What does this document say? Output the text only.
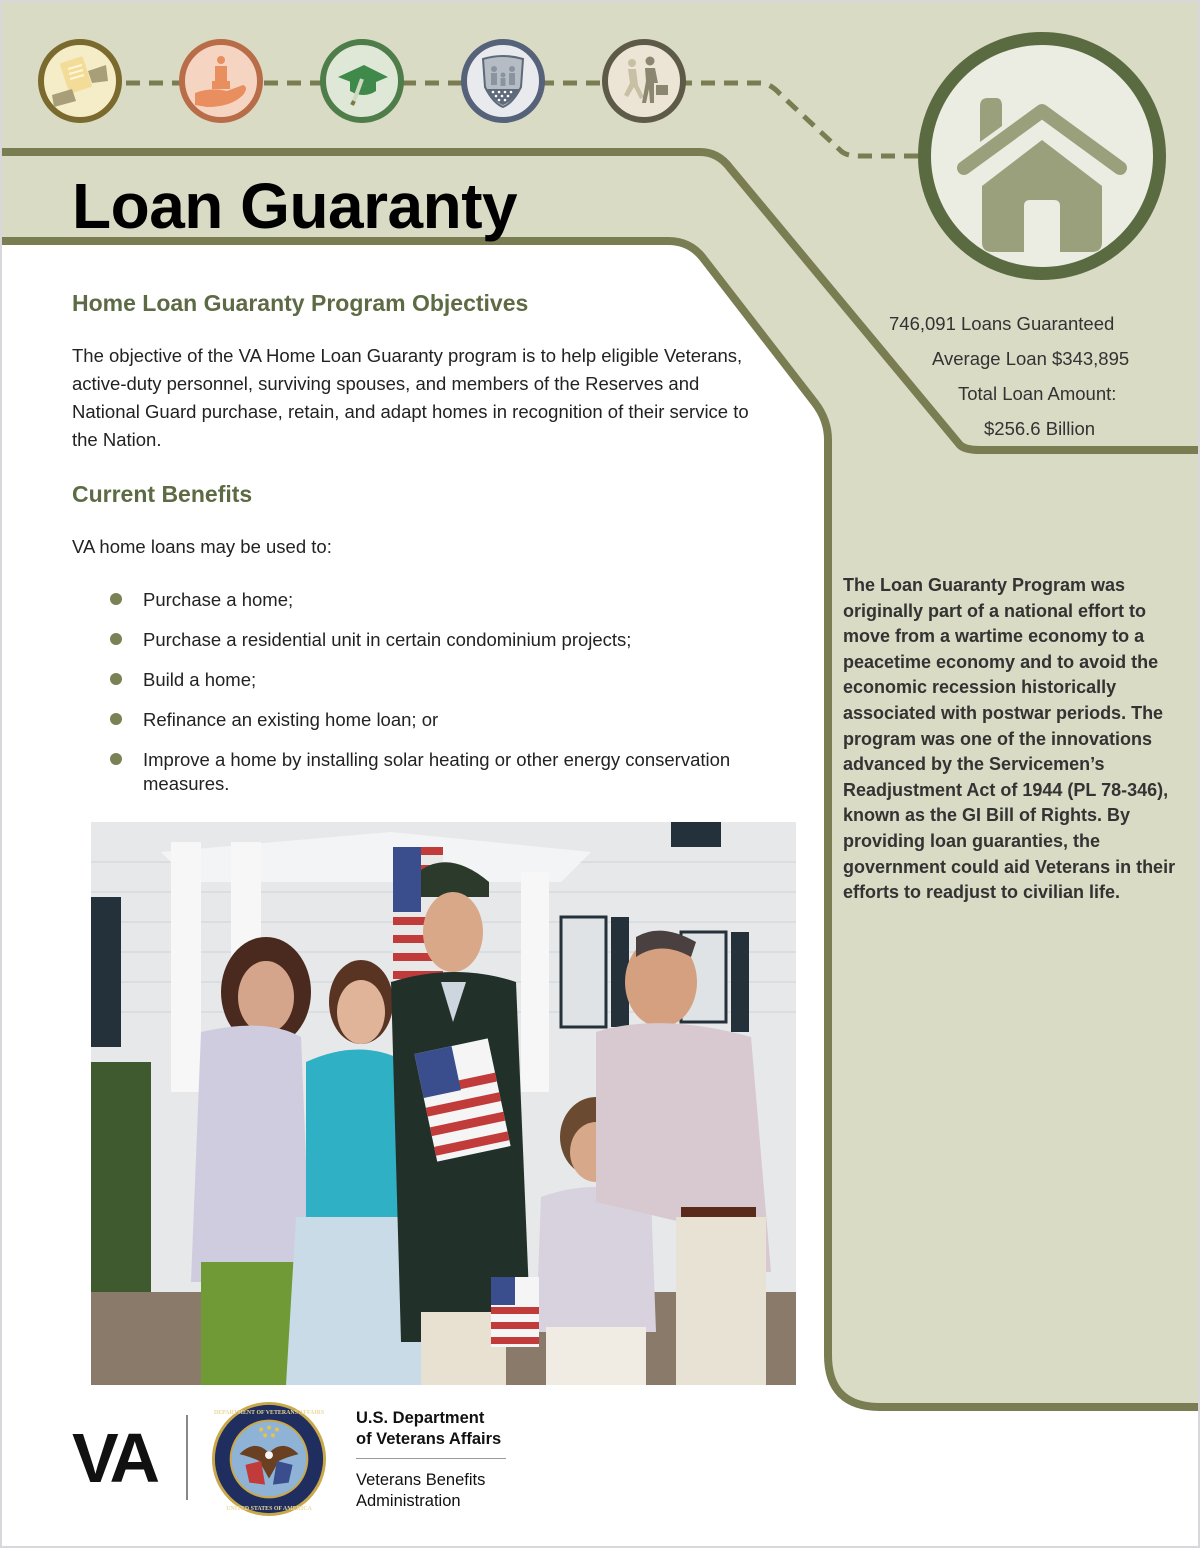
Loan Guaranty
746,091 Loans Guaranteed
Average Loan $343,895
Total Loan Amount:
$256.6 Billion
Home Loan Guaranty Program Objectives
The objective of the VA Home Loan Guaranty program is to help eligible Veterans, active-duty personnel, surviving spouses, and members of the Reserves and National Guard purchase, retain, and adapt homes in recognition of their service to the Nation.
Current Benefits
VA home loans may be used to:
Purchase a home;
Purchase a residential unit in certain condominium projects;
Build a home;
Refinance an existing home loan; or
Improve a home by installing solar heating or other energy conservation measures.
The Loan Guaranty Program was originally part of a national effort to move from a wartime economy to a peacetime economy and to avoid the economic recession historically associated with postwar periods. The program was one of the innovations advanced by the Servicemen’s Readjustment Act of 1944 (PL 78-346), known as the GI Bill of Rights. By providing loan guaranties, the government could aid Veterans in their efforts to readjust to civilian life.
VA
DEPARTMENT OF VETERANS AFFAIRS
UNITED STATES OF AMERICA
U.S. Department
of Veterans Affairs
Veterans Benefits
Administration
